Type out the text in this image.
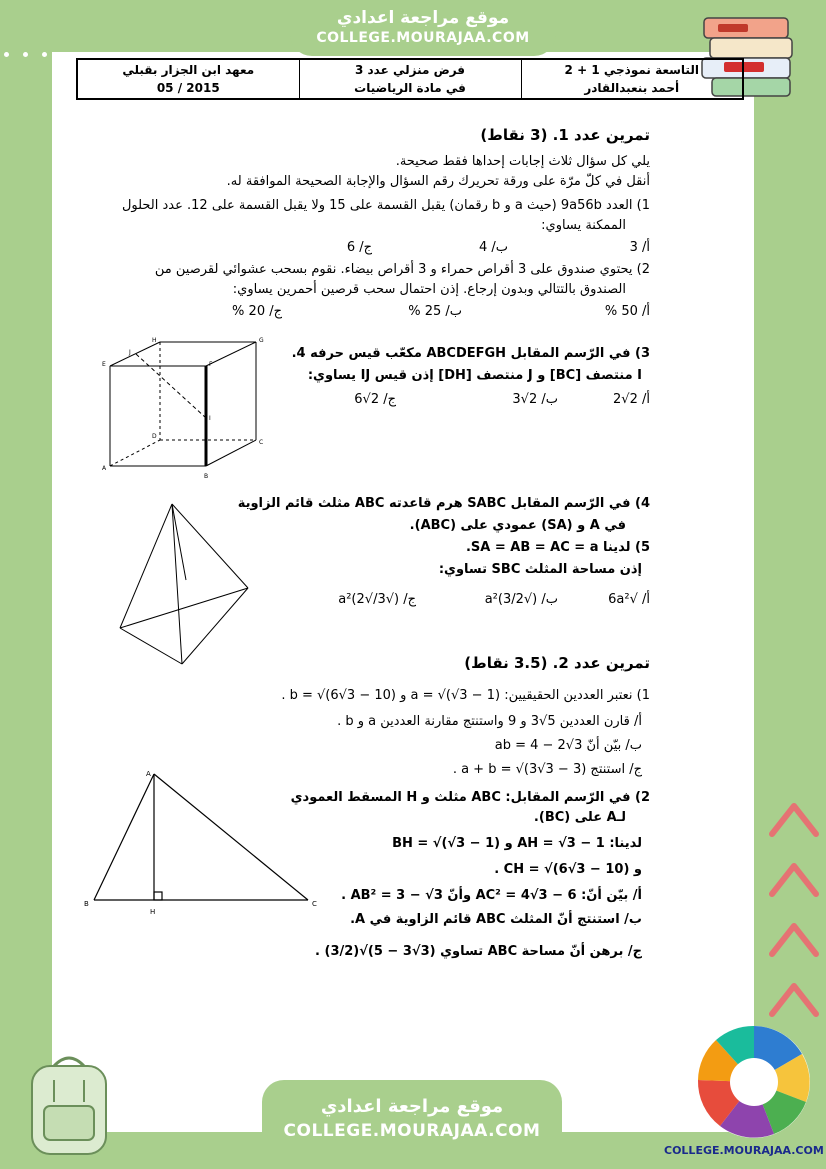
موقع مراجعة اعدادي
COLLEGE.MOURAJAA.COM
التاسعة نموذجي 1 + 2
أحمد بنعبدالقادر

فرض منزلي عدد 3
في مادة الرياضيات

معهد ابن الجزار بقبلي
2015 / 05
تمرين عدد 1. (3 نقاط)
يلي كل سؤال ثلاث إجابات إحداها فقط صحيحة.
أنقل في كلّ مرّة على ورقة تحريرك رقم السؤال والإجابة الصحيحة الموافقة له.
1) العدد 9a56b (حيث a و b رقمان) يقبل القسمة على 15 ولا يقبل القسمة على 12. عدد الحلول
الممكنة يساوي:
أ/ 3
ب/ 4
ج/ 6
2) يحتوي صندوق على 3 أقراص حمراء و 3 أقراص بيضاء. نقوم بسحب عشوائي لقرصين من
الصندوق بالتتالي وبدون إرجاع. إذن احتمال سحب قرصين أحمرين يساوي:
أ/ 50 %
ب/ 25 %
ج/ 20 %
3) في الرّسم المقابل ABCDEFGH مكعّب قيس حرفه 4.
I منتصف [BC] و J منتصف [DH] إذن قيس IJ يساوي:
أ/ 2√2
ب/ 2√3
ج/ 2√6
4) في الرّسم المقابل SABC هرم قاعدته ABC مثلث قائم الزاوية
في A و (SA) عمودي على (ABC).
5) لدينا SA = AB = AC = a.
إذن مساحة المثلث SBC تساوي:
أ/ √6a²
ب/ (√3/2)a²
ج/ (√3/√2)a²
تمرين عدد 2. (3.5 نقاط)
1) نعتبر العددين الحقيقيين: a = √(√3 − 1) و b = √(6√3 − 10) .
أ/ قارن العددين 5√3 و 9 واستنتج مقارنة العددين a و b .
ب/ بيّن أنّ ab = 4 − 2√3
ج/ استنتج a + b = √(3√3 − 3) .
2) في الرّسم المقابل: ABC مثلث و H المسقط العمودي
لـA على (BC).
لدينا: AH = √3 − 1 و BH = √(√3 − 1)
و CH = √(6√3 − 10) .
أ/ بيّن أنّ: AC² = 4√3 − 6 وأنّ AB² = 3 − √3 .
ب/ استنتج أنّ المثلث ABC قائم الزاوية في A.
ج/ برهن أنّ مساحة ABC تساوي (3√3 − 5)√(3/2) .
A
B
C
D
E	F
G
H
I
J
A
B	C
H
COLLEGE.MOURAJAA.COM
موقع مراجعة اعدادي
COLLEGE.MOURAJAA.COM
